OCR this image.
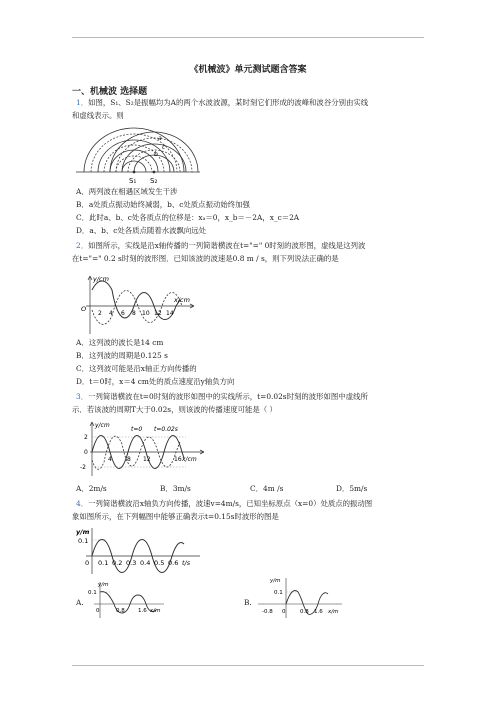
《机械波》单元测试题含答案
一、机械波 选择题
1．如图，S₁、S₂是振幅均为A的两个水波波源，某时刻它们形成的波峰和波谷分别由实线
和虚线表示。则
S₁ S₂
a
b
c
A．两列波在相遇区域发生干涉
B．a处质点振动始终减弱，b、c处质点振动始终加强
C．此时a、b、c处各质点的位移是：xₐ＝0，x_b＝－2A，x_c＝2A
D．a、b、c处各质点随着水波飘向远处
2．如图所示，实线是沿x轴传播的一列简谐横波在t="=" 0时刻的波形图，虚线是这列波
在t="=" 0.2 s时刻的波形图．已知该波的波速是0.8 m / s，则下列说法正确的是
y/cm
x/cm
O
2 4 6 8 10 12 14
A．这列波的波长是14 cm
B．这列波的周期是0.125 s
C．这列波可能是沿x轴正方向传播的
D．t＝0时，x＝4 cm处的质点速度沿y轴负方向
3．一列简谐横波在t=0时刻的波形如图中的实线所示，t=0.02s时刻的波形如图中虚线所
示．若该波的周期T大于0.02s，则该波的传播速度可能是（ ）
y/cm
t=0 t=0.02s
2
0
-2
4	8 12	16 x/cm
A．2m/s	B．3m/s	C．4m /s	D．5m/s
4．一列简谐横波沿x轴负方向传播，波速v=4m/s，已知坐标原点（x=0）处质点的振动图
象如图所示，在下列幅图中能够正确表示t=0.15s时波形的图是
y/m
0.1
0 0.1 0.2 0.3 0.4 0.5 0.6 t/s
A.
y/m
0.1
0	0.8 1.6 x/m
B.
y/m
0.1
-0.8 0	0.8 1.6 x/m
